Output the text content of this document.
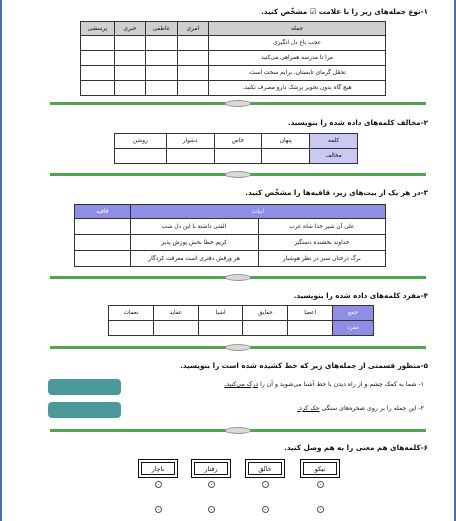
۱-نوع جمله‌های زیر را با علامت ☑ مشخّص کنید.
جمله	امری	عاطفی	خبری	پرسشی
عجب باغ دل انگیزی				
مرا تا مدرسه همراهی می‌کنید				
تحمّل گرمای تابستان، برایم سخت است.				
هیچ گاه بدون تجویز پزشک دارو مصرف نکنید.				
۲-مخالف کلمه‌های داده شده را بنویسید.
کلمه	پنهان	خاص	دشوار	روشن
مخالف				
۳-در هر یک از بیت‌های زیر، قافیه‌ها را مشخّص کنید.
ابیات		قافیه
علی آن شیر خدا شاه عرب	الفتی داشته با این دل شب	
خداوند بخشنده دستگیر	کریم خطا بخش پوزش پذیر	
برگ درختان سبز در نظر هوشیار	هر ورقش دفتری است معرفت کردگار	
۴-مفرد کلمه‌های داده شده را بنویسید.
جمع	اعضا	حقایق	اشیا	عقاید	نعمات
مفرد					
۵-منظور قسمتی از جمله‌های زیر که خط کشیده شده است را بنویسید.
۱- شما به کمک چشم و از راه دیدن با خط آشنا می‌شوید و آن را درک می‌کنید.
۲- این جمله را بر روی صخره‌های سنگی حک کرد.
۶-کلمه‌های هم معنی را به هم وصل کنید.
نیکو
خالق
رفتار
ناچار
